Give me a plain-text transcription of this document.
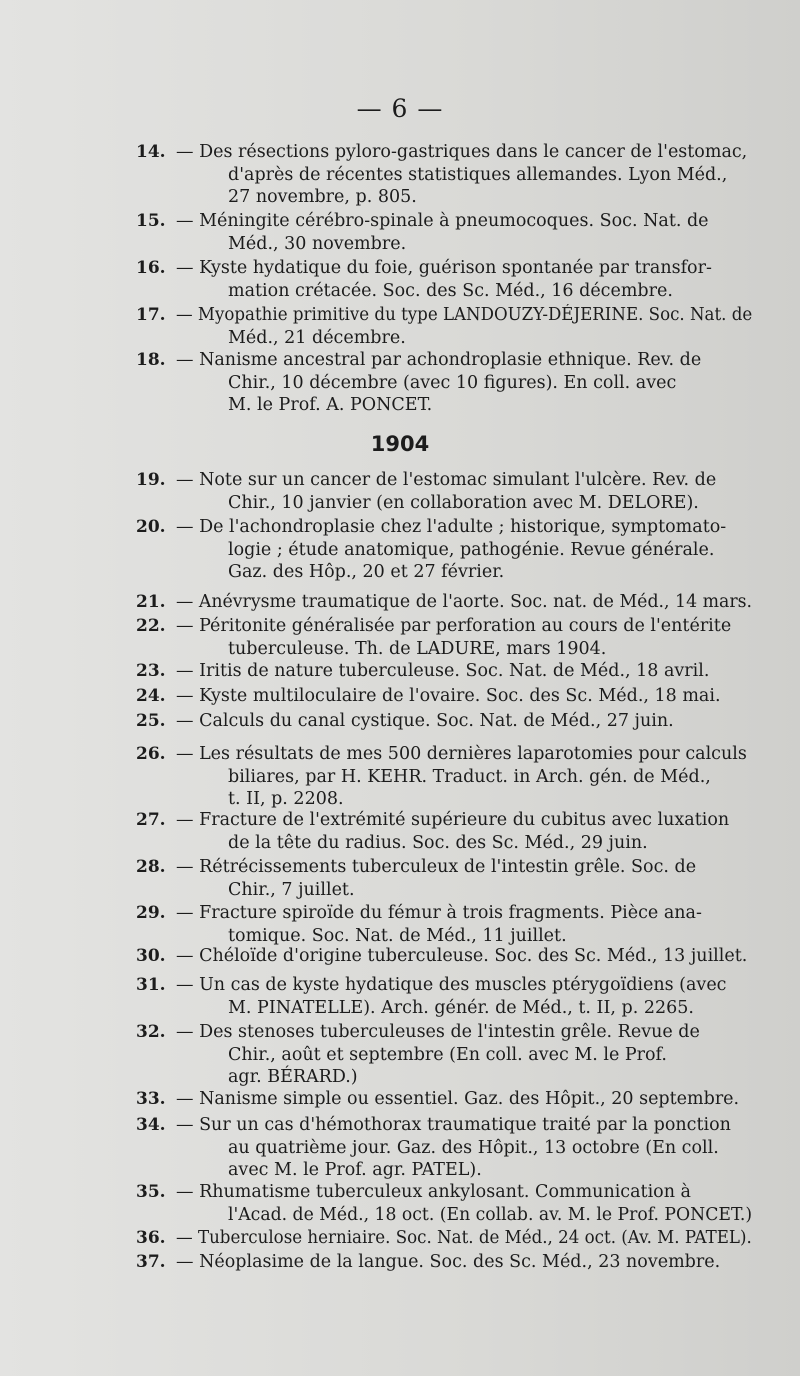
— 6 —
1904
14. — Des résections pyloro-gastriques dans le cancer de l'estomac,
d'après de récentes statistiques allemandes. Lyon Méd.,
27 novembre, p. 805.
15. — Méningite cérébro-spinale à pneumocoques. Soc. Nat. de
Méd., 30 novembre.
16. — Kyste hydatique du foie, guérison spontanée par transfor-
mation crétacée. Soc. des Sc. Méd., 16 décembre.
17. — Myopathie primitive du type LANDOUZY-DÉJERINE. Soc. Nat. de
Méd., 21 décembre.
18. — Nanisme ancestral par achondroplasie ethnique. Rev. de
Chir., 10 décembre (avec 10 figures). En coll. avec
M. le Prof. A. PONCET.
19. — Note sur un cancer de l'estomac simulant l'ulcère. Rev. de
Chir., 10 janvier (en collaboration avec M. DELORE).
20. — De l'achondroplasie chez l'adulte ; historique, symptomato-
logie ; étude anatomique, pathogénie. Revue générale.
Gaz. des Hôp., 20 et 27 février.
21. — Anévrysme traumatique de l'aorte. Soc. nat. de Méd., 14 mars.
22. — Péritonite généralisée par perforation au cours de l'entérite
tuberculeuse. Th. de LADURE, mars 1904.
23. — Iritis de nature tuberculeuse. Soc. Nat. de Méd., 18 avril.
24. — Kyste multiloculaire de l'ovaire. Soc. des Sc. Méd., 18 mai.
25. — Calculs du canal cystique. Soc. Nat. de Méd., 27 juin.
26. — Les résultats de mes 500 dernières laparotomies pour calculs
biliares, par H. KEHR. Traduct. in Arch. gén. de Méd.,
t. II, p. 2208.
27. — Fracture de l'extrémité supérieure du cubitus avec luxation
de la tête du radius. Soc. des Sc. Méd., 29 juin.
28. — Rétrécissements tuberculeux de l'intestin grêle. Soc. de
Chir., 7 juillet.
29. — Fracture spiroïde du fémur à trois fragments. Pièce ana-
tomique. Soc. Nat. de Méd., 11 juillet.
30. — Chéloïde d'origine tuberculeuse. Soc. des Sc. Méd., 13 juillet.
31. — Un cas de kyste hydatique des muscles ptérygoïdiens (avec
M. PINATELLE). Arch. génér. de Méd., t. II, p. 2265.
32. — Des stenoses tuberculeuses de l'intestin grêle. Revue de
Chir., août et septembre (En coll. avec M. le Prof.
agr. BÉRARD.)
33. — Nanisme simple ou essentiel. Gaz. des Hôpit., 20 septembre.
34. — Sur un cas d'hémothorax traumatique traité par la ponction
au quatrième jour. Gaz. des Hôpit., 13 octobre (En coll.
avec M. le Prof. agr. PATEL).
35. — Rhumatisme tuberculeux ankylosant. Communication à
l'Acad. de Méd., 18 oct. (En collab. av. M. le Prof. PONCET.)
36. — Tuberculose herniaire. Soc. Nat. de Méd., 24 oct. (Av. M. PATEL).
37. — Néoplasime de la langue. Soc. des Sc. Méd., 23 novembre.
